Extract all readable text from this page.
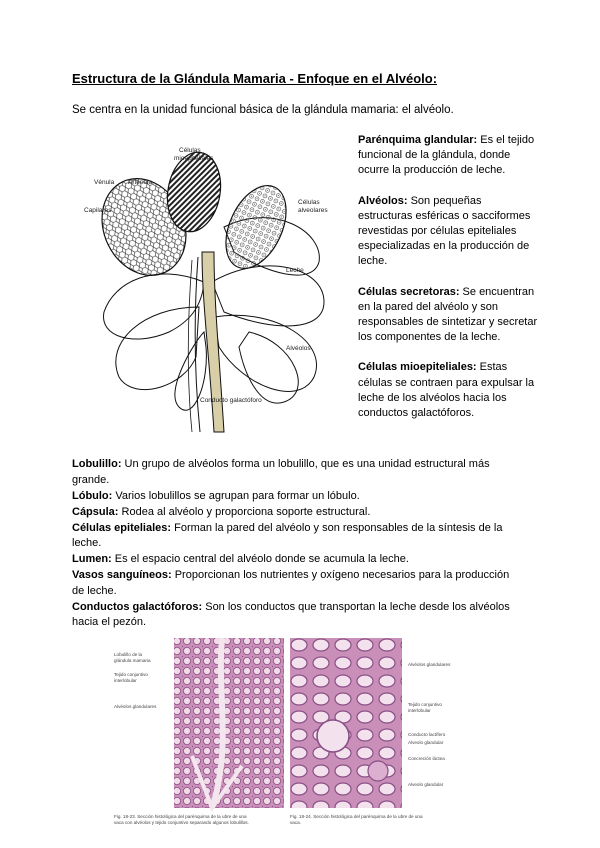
Estructura de la Glándula Mamaria - Enfoque en el Alvéolo:

Se centra en la unidad funcional básica de la glándula mamaria: el alvéolo.

Células
mioepiteliales
Vénula Arteriola
Capilares
Células
alveolares
Leche
Alvéolos
Conducto galactóforo

Parénquima glandular: Es el tejido funcional de la glándula, donde ocurre la producción de leche.

Alvéolos: Son pequeñas estructuras esféricas o sacciformes revestidas por células epiteliales especializadas en la producción de leche.

Células secretoras: Se encuentran en la pared del alvéolo y son responsables de sintetizar y secretar los componentes de la leche.

Células mioepiteliales: Estas células se contraen para expulsar la leche de los alvéolos hacia los conductos galactóforos.

Lobulillo: Un grupo de alvéolos forma un lobulillo, que es una unidad estructural más grande.

Lóbulo: Varios lobulillos se agrupan para formar un lóbulo.

Cápsula: Rodea al alvéolo y proporciona soporte estructural.

Células epiteliales: Forman la pared del alvéolo y son responsables de la síntesis de la leche.

Lumen: Es el espacio central del alvéolo donde se acumula la leche.

Vasos sanguíneos: Proporcionan los nutrientes y oxígeno necesarios para la producción de leche.

Conductos galactóforos: Son los conductos que transportan la leche desde los alvéolos hacia el pezón.

Lobulillo de la
glándula mamaria
Tejido conjuntivo
interlobular
Alvéolos glandulares
Fig. 18-23. Sección histológica del parénquima de la ubre de una
vaca con alvéolos y tejido conjuntivo separando algunos lobulillos.
Alvéolos glandulares
Tejido conjuntivo
interlobular
Conducto lactífero
Alveolo glandular
Concreción láctea
Alveolo glandular
Fig. 18-24. Sección histológica del parénquima de la ubre de una
vaca.
